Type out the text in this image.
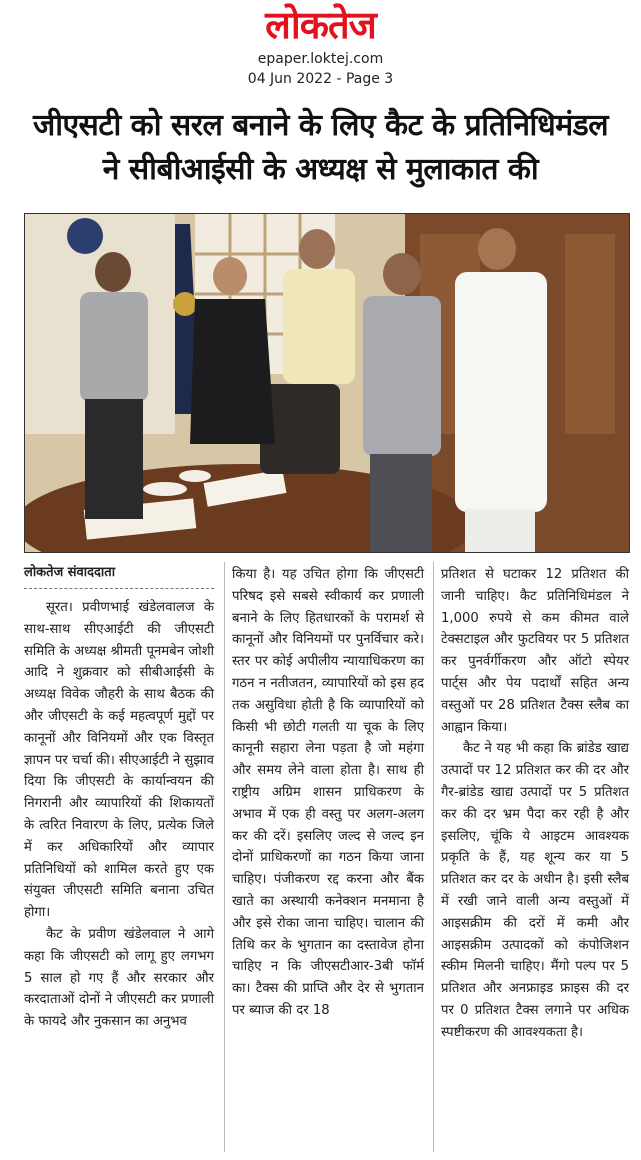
लोकतेज
epaper.loktej.com
04 Jun 2022 - Page 3
जीएसटी को सरल बनाने के लिए कैट के प्रतिनिधिमंडल
ने सीबीआईसी के अध्यक्ष से मुलाकात की
लोकतेज संवाददाता

सूरत। प्रवीणभाई खंडेलवालज के साथ-साथ सीएआईटी की जीएसटी समिति के अध्यक्ष श्रीमती पूनमबेन जोशी आदि ने शुक्रवार को सीबीआईसी के अध्यक्ष विवेक जौहरी के साथ बैठक की और जीएसटी के कई महत्वपूर्ण मुद्दों पर कानूनों और विनियमों और एक विस्तृत ज्ञापन पर चर्चा की। सीएआईटी ने सुझाव दिया कि जीएसटी के कार्यान्वयन की निगरानी और व्यापारियों की शिकायतों के त्वरित निवारण के लिए, प्रत्येक जिले में कर अधिकारियों और व्यापार प्रतिनिधियों को शामिल करते हुए एक संयुक्त जीएसटी समिति बनाना उचित होगा।

कैट के प्रवीण खंडेलवाल ने आगे कहा कि जीएसटी को लागू हुए लगभग 5 साल हो गए हैं और सरकार और करदाताओं दोनों ने जीएसटी कर प्रणाली के फायदे और नुकसान का अनुभव

किया है। यह उचित होगा कि जीएसटी परिषद इसे सबसे स्वीकार्य कर प्रणाली बनाने के लिए हितधारकों के परामर्श से कानूनों और विनियमों पर पुनर्विचार करे। स्तर पर कोई अपीलीय न्यायाधिकरण का गठन न नतीजतन, व्यापारियों को इस हद तक असुविधा होती है कि व्यापारियों को किसी भी छोटी गलती या चूक के लिए कानूनी सहारा लेना पड़ता है जो महंगा और समय लेने वाला होता है। साथ ही राष्ट्रीय अग्रिम शासन प्राधिकरण के अभाव में एक ही वस्तु पर अलग-अलग कर की दरें। इसलिए जल्द से जल्द इन दोनों प्राधिकरणों का गठन किया जाना चाहिए। पंजीकरण रद्द करना और बैंक खाते का अस्थायी कनेक्शन मनमाना है और इसे रोका जाना चाहिए। चालान की तिथि कर के भुगतान का दस्तावेज होना चाहिए न कि जीएसटीआर-3बी फॉर्म का। टैक्स की प्राप्ति और देर से भुगतान पर ब्याज की दर 18

प्रतिशत से घटाकर 12 प्रतिशत की जानी चाहिए। कैट प्रतिनिधिमंडल ने 1,000 रुपये से कम कीमत वाले टेक्सटाइल और फुटवियर पर 5 प्रतिशत कर पुनर्वर्गीकरण और ऑटो स्पेयर पार्ट्स और पेय पदार्थों सहित अन्य वस्तुओं पर 28 प्रतिशत टैक्स स्लैब का आह्वान किया।

कैट ने यह भी कहा कि ब्रांडेड खाद्य उत्पादों पर 12 प्रतिशत कर की दर और गैर-ब्रांडेड खाद्य उत्पादों पर 5 प्रतिशत कर की दर भ्रम पैदा कर रही है और इसलिए, चूंकि ये आइटम आवश्यक प्रकृति के हैं, यह शून्य कर या 5 प्रतिशत कर दर के अधीन है। इसी स्लैब में रखी जाने वाली अन्य वस्तुओं में आइसक्रीम की दरों में कमी और आइसक्रीम उत्पादकों को कंपोजिशन स्कीम मिलनी चाहिए। मैंगो पल्प पर 5 प्रतिशत और अनफ्राइड फ्राइस की दर पर 0 प्रतिशत टैक्स लगाने पर अधिक स्पष्टीकरण की आवश्यकता है।
